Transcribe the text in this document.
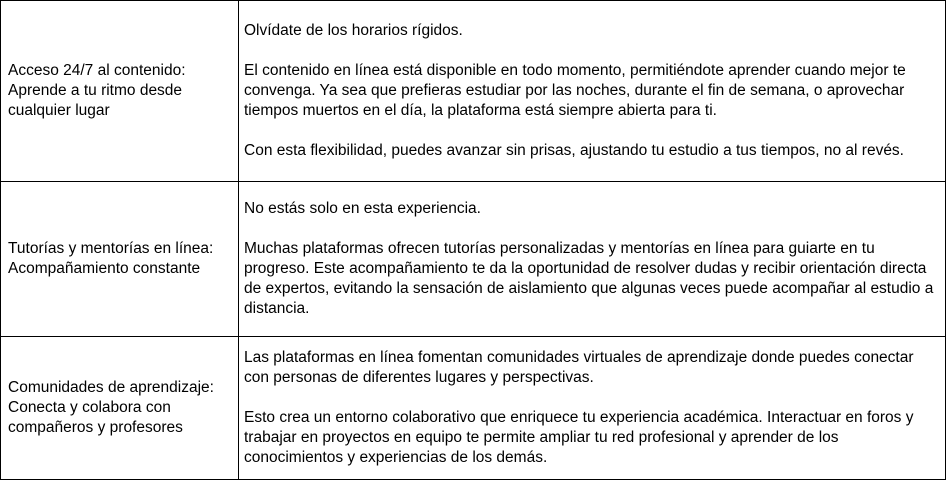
Acceso 24/7 al contenido: Aprende a tu ritmo desde cualquier lugar	Olvídate de los horarios rígidos.

El contenido en línea está disponible en todo momento, permitiéndote aprender cuando mejor te convenga. Ya sea que prefieras estudiar por las noches, durante el fin de semana, o aprovechar tiempos muertos en el día, la plataforma está siempre abierta para ti.

Con esta flexibilidad, puedes avanzar sin prisas, ajustando tu estudio a tus tiempos, no al revés.

Tutorías y mentorías en línea: Acompañamiento constante	No estás solo en esta experiencia.

Muchas plataformas ofrecen tutorías personalizadas y mentorías en línea para guiarte en tu progreso. Este acompañamiento te da la oportunidad de resolver dudas y recibir orientación directa de expertos, evitando la sensación de aislamiento que algunas veces puede acompañar al estudio a distancia.

Comunidades de aprendizaje: Conecta y colabora con compañeros y profesores	Las plataformas en línea fomentan comunidades virtuales de aprendizaje donde puedes conectar con personas de diferentes lugares y perspectivas.

Esto crea un entorno colaborativo que enriquece tu experiencia académica. Interactuar en foros y trabajar en proyectos en equipo te permite ampliar tu red profesional y aprender de los conocimientos y experiencias de los demás.
